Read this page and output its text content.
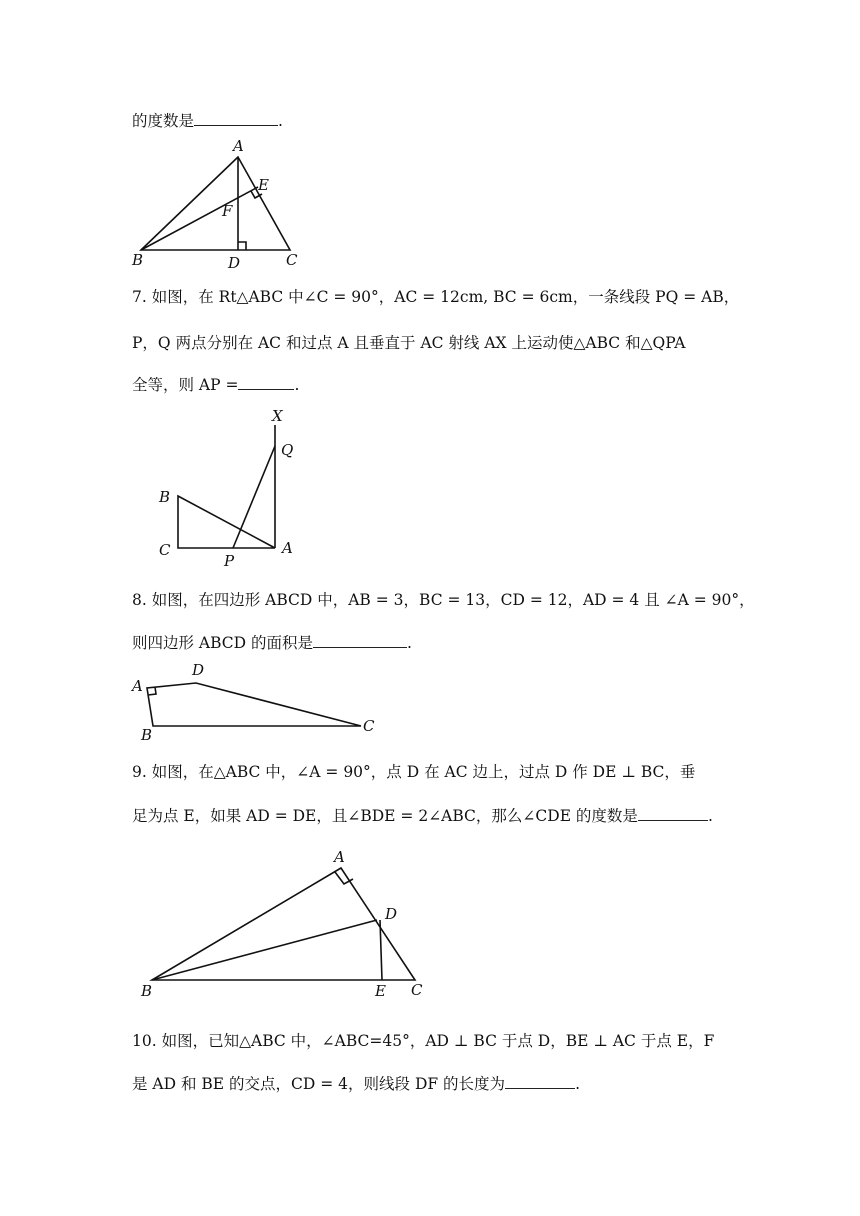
的度数是	.
A
E
F
B	D	C
7. 如图，在 Rt△ABC 中∠C = 90°，AC = 12cm, BC = 6cm，一条线段 PQ = AB，
P，Q 两点分别在 AC 和过点 A 且垂直于 AC 射线 AX 上运动使△ABC 和△QPA
全等，则 AP =	.
X
Q
B
C
P
A
8. 如图，在四边形 ABCD 中，AB = 3，BC = 13，CD = 12，AD = 4 且 ∠A = 90°，
则四边形 ABCD 的面积是	.
A
D
B	C
9. 如图，在△ABC 中，∠A = 90°，点 D 在 AC 边上，过点 D 作 DE ⊥ BC，垂
足为点 E，如果 AD = DE，且∠BDE = 2∠ABC，那么∠CDE 的度数是	.
A
D
B	E C
10. 如图，已知△ABC 中，∠ABC=45°，AD ⊥ BC 于点 D，BE ⊥ AC 于点 E，F
是 AD 和 BE 的交点，CD = 4，则线段 DF 的长度为	.
